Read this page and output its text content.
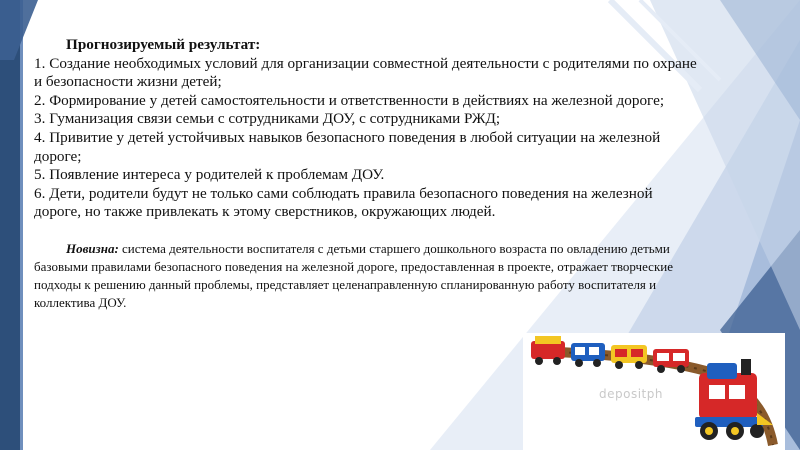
Прогнозируемый результат:
1. Создание необходимых условий для организации совместной деятельности с родителями по охране и безопасности жизни детей;
2. Формирование у детей самостоятельности и ответственности в действиях на железной дороге;
3. Гуманизация связи семьи с сотрудниками ДОУ, с сотрудниками РЖД;
4. Привитие у детей устойчивых навыков безопасного поведения в любой ситуации на железной дороге;
5. Появление интереса у родителей к проблемам ДОУ.
6. Дети, родители будут не только сами соблюдать правила безопасного поведения на железной дороге, но также привлекать к этому сверстников, окружающих людей.
Новизна: система деятельности воспитателя с детьми старшего дошкольного возраста по овладению детьми базовыми правилами безопасного поведения на железной дороге, предоставленная в проекте, отражает творческие подходы к решению данный проблемы, представляет целенаправленную спланированную работу воспитателя и коллектива ДОУ.
depositph
